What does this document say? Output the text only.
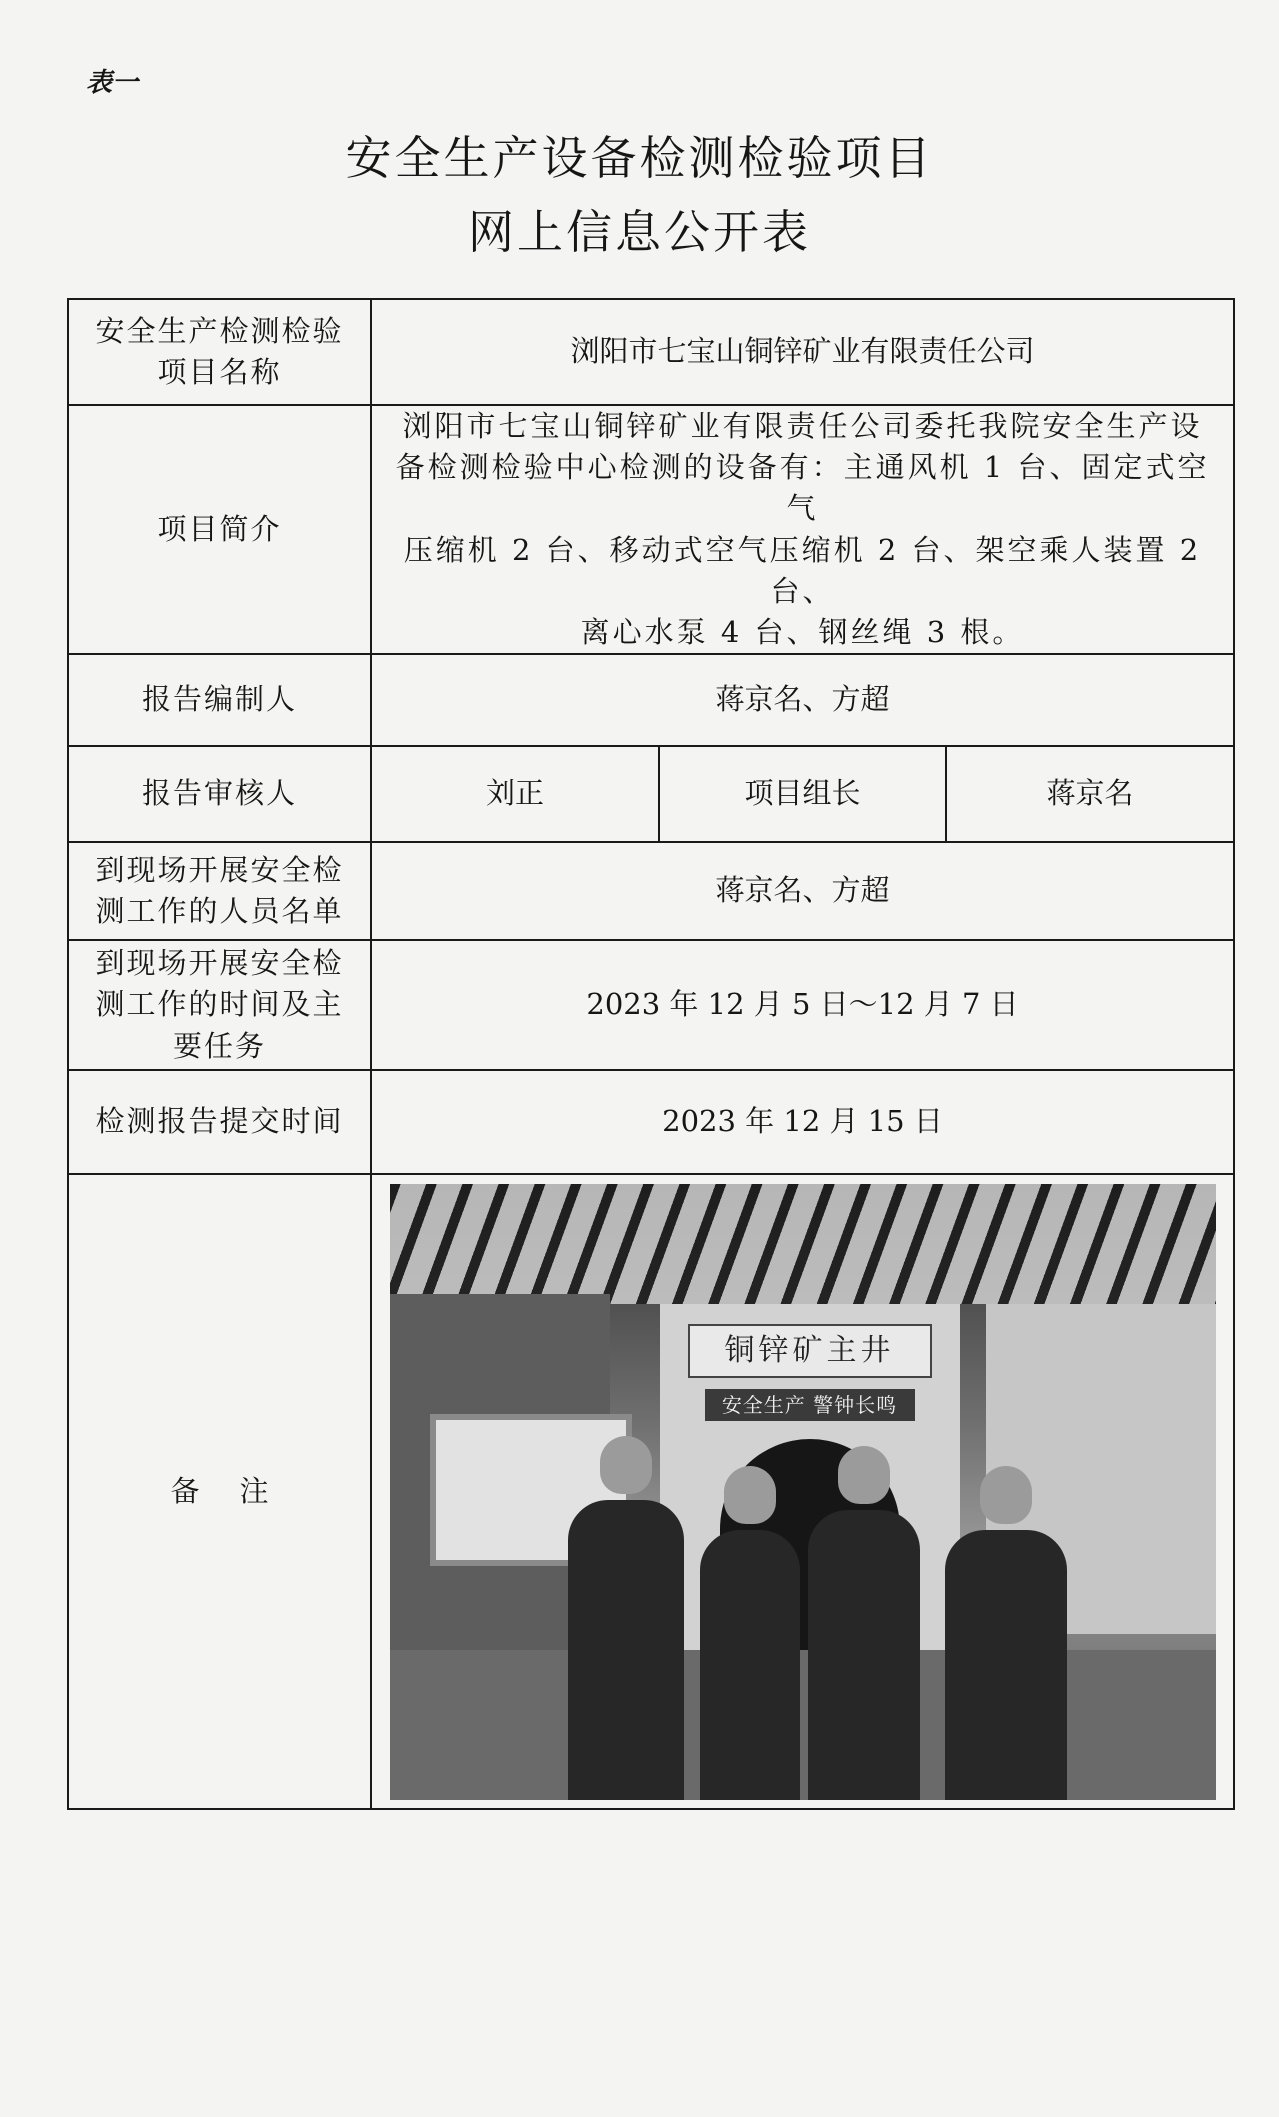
表一
安全生产设备检测检验项目
网上信息公开表
安全生产检测检验
项目名称	浏阳市七宝山铜锌矿业有限责任公司		
项目简介	浏阳市七宝山铜锌矿业有限责任公司委托我院安全生产设
备检测检验中心检测的设备有：主通风机 1 台、固定式空气
压缩机 2 台、移动式空气压缩机 2 台、架空乘人装置 2 台、
离心水泵 4 台、钢丝绳 3 根。		

报告编制人	蒋京名、方超		
报告审核人	刘正	项目组长	蒋京名

到现场开展安全检
测工作的人员名单	蒋京名、方超		

到现场开展安全检
测工作的时间及主
要任务	2023 年 12 月 5 日～12 月 7 日		
检测报告提交时间	2023 年 12 月 15 日		
备注	铜锌矿主井
安全生产 警钟长鸣		
